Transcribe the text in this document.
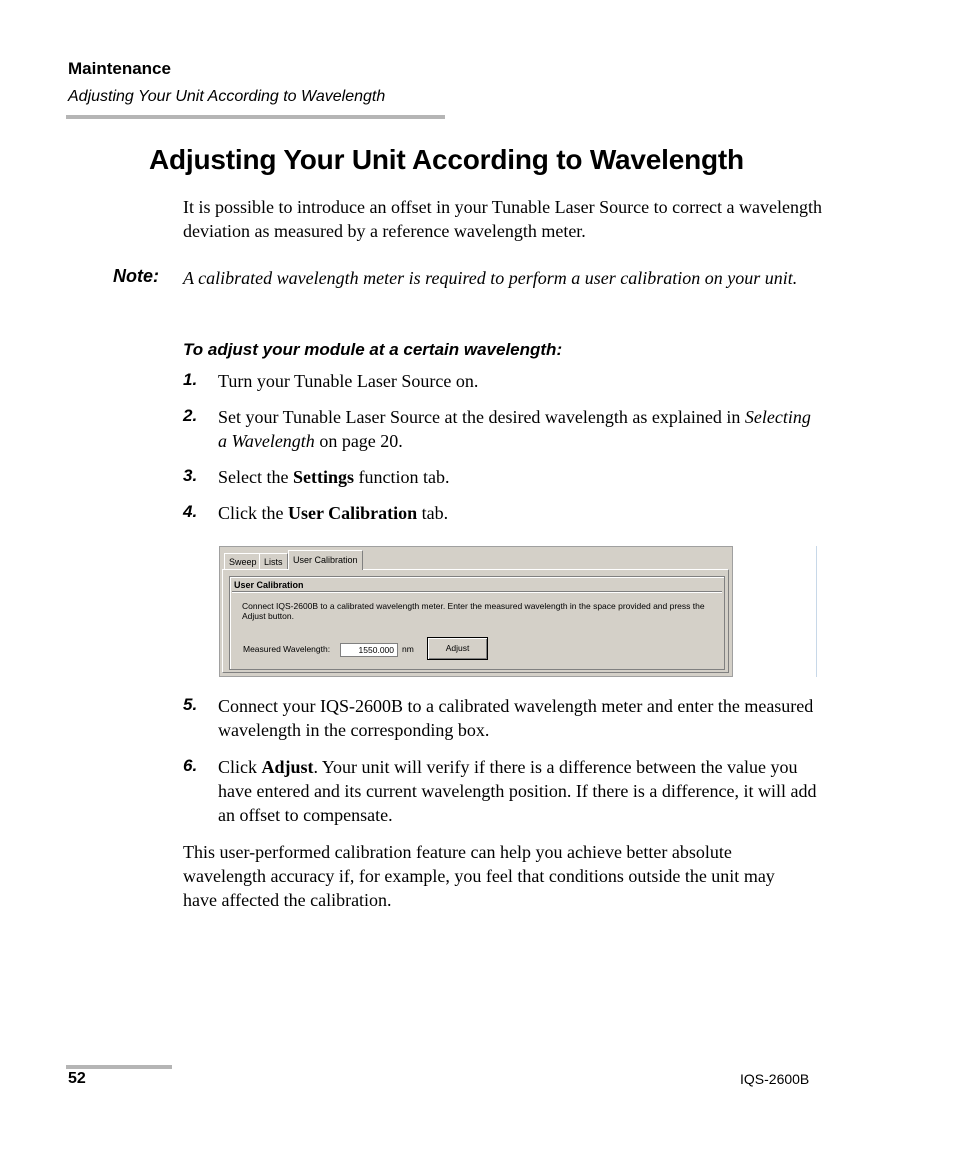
Maintenance
Adjusting Your Unit According to Wavelength
Adjusting Your Unit According to Wavelength
It is possible to introduce an offset in your Tunable Laser Source to correct a wavelength deviation as measured by a reference wavelength meter.
Note: A calibrated wavelength meter is required to perform a user calibration on your unit.
To adjust your module at a certain wavelength:
1. Turn your Tunable Laser Source on.
2. Set your Tunable Laser Source at the desired wavelength as explained in Selecting a Wavelength on page 20.
3. Select the Settings function tab.
4. Click the User Calibration tab.
Sweep Lists	User Calibration
User Calibration
Connect IQS-2600B to a calibrated wavelength meter. Enter the measured wavelength in the space provided and press the Adjust button.
Measured Wavelength:	1550.000 nm	Adjust
5. Connect your IQS-2600B to a calibrated wavelength meter and enter the measured wavelength in the corresponding box.
6. Click Adjust. Your unit will verify if there is a difference between the value you have entered and its current wavelength position. If there is a difference, it will add an offset to compensate.
This user-performed calibration feature can help you achieve better absolute wavelength accuracy if, for example, you feel that conditions outside the unit may have affected the calibration.
52	IQS-2600B
